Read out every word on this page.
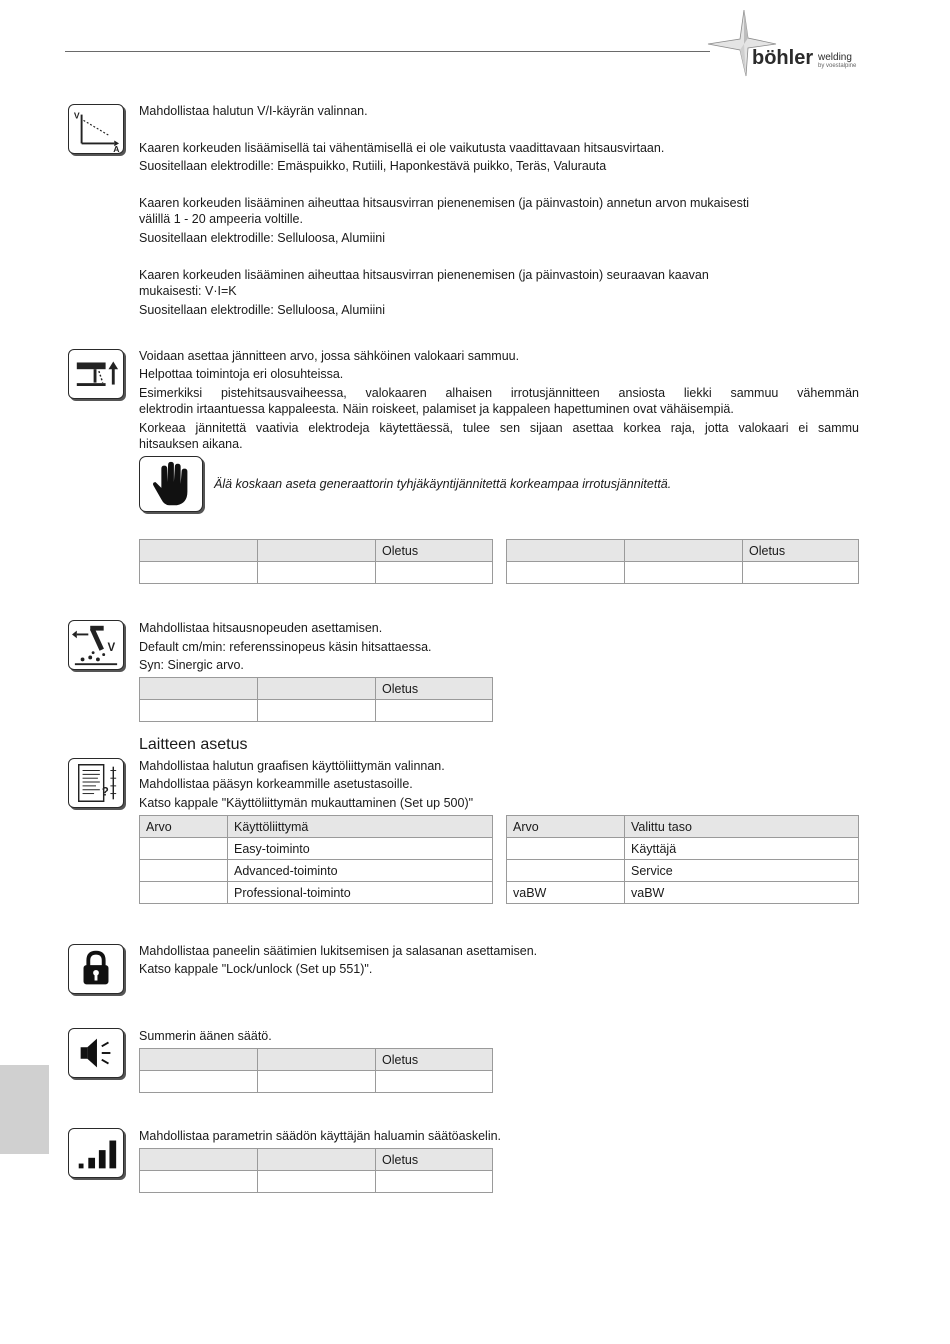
böhler welding
by voestalpine
V
A
Mahdollistaa halutun V/I-käyrän valinnan.
Kaaren korkeuden lisäämisellä tai vähentämisellä ei ole vaikutusta vaadittavaan hitsausvirtaan.
Suositellaan elektrodille: Emäspuikko, Rutiili, Haponkestävä puikko, Teräs, Valurauta
Kaaren korkeuden lisääminen aiheuttaa hitsausvirran pienenemisen (ja päinvastoin) annetun arvon mukaisesti
välillä 1 - 20 ampeeria voltille.
Suositellaan elektrodille: Selluloosa, Alumiini
Kaaren korkeuden lisääminen aiheuttaa hitsausvirran pienenemisen (ja päinvastoin) seuraavan kaavan
mukaisesti: V·I=K
Suositellaan elektrodille: Selluloosa, Alumiini
Voidaan asettaa jännitteen arvo, jossa sähköinen valokaari sammuu.
Helpottaa toimintoja eri olosuhteissa.
Esimerkiksi pistehitsausvaiheessa, valokaaren alhaisen irrotusjännitteen ansiosta liekki sammuu vähemmän
elektrodin irtaantuessa kappaleesta. Näin roiskeet, palamiset ja kappaleen hapettuminen ovat vähäisempiä.
Korkeaa jännitettä vaativia elektrodeja käytettäessä, tulee sen sijaan asettaa korkea raja, jotta valokaari ei sammu
hitsauksen aikana.
Älä koskaan aseta generaattorin tyhjäkäyntijännitettä korkeampaa irrotusjännitettä.
		Oletus

			Oletus

V
Mahdollistaa hitsausnopeuden asettamisen.
Default cm/min: referenssinopeus käsin hitsattaessa.
Syn: Sinergic arvo.
		Oletus

Laitteen asetus
?
Mahdollistaa halutun graafisen käyttöliittymän valinnan.
Mahdollistaa pääsyn korkeammille asetustasoille.
Katso kappale "Käyttöliittymän mukauttaminen (Set up 500)"
Arvo	Käyttöliittymä
	Easy-toiminto
	Advanced-toiminto
	Professional-toiminto
Arvo	Valittu taso
	Käyttäjä
	Service
vaBW	vaBW
Mahdollistaa paneelin säätimien lukitsemisen ja salasanan asettamisen.
Katso kappale "Lock/unlock (Set up 551)".
Summerin äänen säätö.
		Oletus

Mahdollistaa parametrin säädön käyttäjän haluamin säätöaskelin.
		Oletus
